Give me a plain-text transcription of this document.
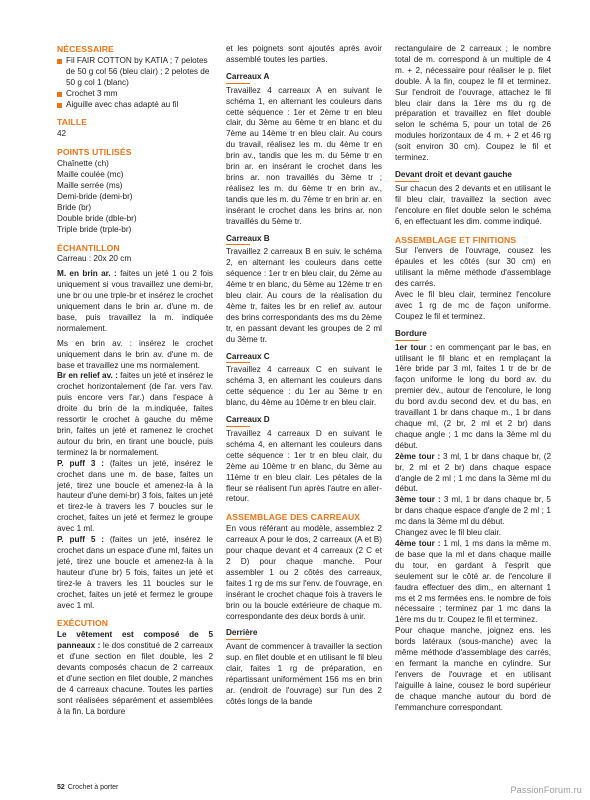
NÉCESSAIRE
Fil FAIR COTTON by KATIA ; 7 pelotes de 50 g col 56 (bleu clair) ; 2 pelotes de 50 g col 1 (blanc)
Crochet 3 mm
Aiguille avec chas adapté au fil
TAILLE

42

POINTS UTILISÉS

Chaînette (ch)

Maille coulée (mc)

Maille serrée (ms)

Demi-bride (demi-br)

Bride (br)

Double bride (dble-br)

Triple bride (trple-br)

ÉCHANTILLON

Carreau : 20x 20 cm

M. en brin ar. : faites un jeté 1 ou 2 fois uniquement si vous travaillez une demi-br, une br ou une trple-br et insérez le crochet uniquement dans le brin ar. d'une m. de base, puis travaillez la m. indiquée normalement.

Ms en brin av. : insérez le crochet uniquement dans le brin av. d'une m. de base et travaillez une ms normalement.

Br en relief av. : faites un jeté et insérez le crochet horizontalement (de l'ar. vers l'av. puis encore vers l'ar.) dans l'espace à droite du brin de la m.indiquée, faites ressortir le crochet à gauche du même brin, faites un jeté et ramenez le crochet autour du brin, en tirant une boucle, puis terminez la br normalement.

P. puff 3 : (faites un jeté, insérez le crochet dans une m. de base, faites un jeté, tirez une boucle et amenez-la à la hauteur d'une demi-br) 3 fois, faites un jeté et tirez-le à travers les 7 boucles sur le crochet, faites un jeté et fermez le groupe avec 1 ml.

P. puff 5 : (faites un jeté, insérez le crochet dans un espace d'une ml, faites un jeté, tirez une boucle et amenez-la à la hauteur d'une br) 5 fois, faites un jeté et tirez-le à travers les 11 boucles sur le crochet, faites un jeté et fermez le groupe avec 1 ml.

EXÉCUTION

Le vêtement est composé de 5 panneaux : le dos constitué de 2 carreaux et d'une section en filet double, les 2 devants composés chacun de 2 carreaux et d'une section en filet double, 2 manches de 4 carreaux chacune. Toutes les parties sont réalisées séparément et assemblées à la fin. La bordure

et les poignets sont ajoutés après avoir assemblé toutes les parties.

Carreaux A

Travaillez 4 carreaux A en suivant le schéma 1, en alternant les couleurs dans cette séquence : 1er et 2ème tr en bleu clair, du 3ème au 6ème tr en blanc et du 7ème au 14ème tr en bleu clair. Au cours du travail, réalisez les m. du 4ème tr en brin av., tandis que les m. du 5ème tr en brin ar. en insérant le crochet dans les brins ar. non travaillés du 3ème tr ; réalisez les m. du 6ème tr en brin av., tandis que les m. du 7ème tr en brin ar. en insérant le crochet dans les brins ar. non travaillés du 5ème tr.

Carreaux B

Travaillez 2 carreaux B en suiv. le schéma 2, en alternant les couleurs dans cette séquence : 1er tr en bleu clair, du 2ème au 4ème tr en blanc, du 5ème au 12ème tr en bleu clair. Au cours de la réalisation du 4ème tr, faites les br en relief av. autour des brins correspondants des ms du 2ème tr, en passant devant les groupes de 2 ml du 3ème tr.

Carreaux C

Travaillez 4 carreaux C en suivant le schéma 3, en alternant les couleurs dans cette séquence : du 1er au 3ème tr en blanc, du 4ème au 10ème tr en bleu clair.

Carreaux D

Travaillez 4 carreaux D en suivant le schéma 4, en alternant les couleurs dans cette séquence : 1er tr en bleu clair, du 2ème au 10ème tr en blanc, du 3ème au 11ème tr en bleu clair. Les pétales de la fleur se réalisent l'un après l'autre en aller-retour.

ASSEMBLAGE DES CARREAUX

En vous référant au modèle, assemblez 2 carreaux A pour le dos, 2 carreaux (A et B) pour chaque devant et 4 carreaux (2 C et 2 D) pour chaque manche. Pour assembler 1 ou 2 côtés des carreaux, faites 1 rg de ms sur l'env. de l'ouvrage, en insérant le crochet chaque fois à travers le brin ou la boucle extérieure de chaque m. correspondante des deux bords à unir.

Derrière

Avant de commencer à travailler la section sup. en filet double et en utilisant le fil bleu clair, faites 1 rg de préparation, en répartissant uniformément 156 ms en brin ar. (endroit de l'ouvrage) sur l'un des 2 côtés longs de la bande

rectangulaire de 2 carreaux ; le nombre total de m. correspond à un multiple de 4 m. + 2, nécessaire pour réaliser le p. filet double. À la fin, coupez le fil et terminez. Sur l'endroit de l'ouvrage, attachez le fil bleu clair dans la 1ère ms du rg de préparation et travaillez en filet double selon le schéma 5, pour un total de 26 modules horizontaux de 4 m. + 2 et 46 rg (soit environ 30 cm). Coupez le fil et terminez.

Devant droit et devant gauche

Sur chacun des 2 devants et en utilisant le fil bleu clair, travaillez la section avec l'encolure en filet double selon le schéma 6, en effectuant les dim. comme indiqué.

ASSEMBLAGE ET FINITIONS

Sur l'envers de l'ouvrage, cousez les épaules et les côtés (sur 30 cm) en utilisant la même méthode d'assemblage des carrés.

Avec le fil bleu clair, terminez l'encolure avec 1 rg de mc de façon uniforme. Coupez le fil et terminez.

Bordure

1er tour : en commençant par le bas, en utilisant le fil blanc et en remplaçant la 1ère bride par 3 ml, faites 1 tr de br de façon uniforme le long du bord av. du premier dev., autour de l'encolure, le long du bord av.du second dev. et du bas, en travaillant 1 br dans chaque m., 1 br dans chaque ml, (2 br, 2 ml et 2 br) dans chaque angle ; 1 mc dans la 3ème ml du début.

2ème tour : 3 ml, 1 br dans chaque br, (2 br, 2 ml et 2 br) dans chaque espace d'angle de 2 ml ; 1 mc dans la 3ème ml du début.

3ème tour : 3 ml, 1 br dans chaque br, 5 br dans chaque espace d'angle de 2 ml ; 1 mc dans la 3ème ml du début.

Changez avec le fil bleu clair.

4ème tour : 1 ml, 1 ms dans la même m. de base que la ml et dans chaque maille du tour, en gardant à l'esprit que seulement sur le côté ar. de l'encolure il faudra effectuer des dim., en alternant 1 ms et 2 ms fermées ens. le nombre de fois nécessaire ; terminez par 1 mc dans la 1ère ms du tr. Coupez le fil et terminez.

Pour chaque manche, joignez ens. les bords latéraux (sous-manche) avec la même méthode d'assemblage des carrés, en fermant la manche en cylindre. Sur l'envers de l'ouvrage et en utilisant l'aiguille à laine, cousez le bord supérieur de chaque manche autour du bord de l'emmanchure correspondant.

52 Crochet à porter	PassionForum.ru
